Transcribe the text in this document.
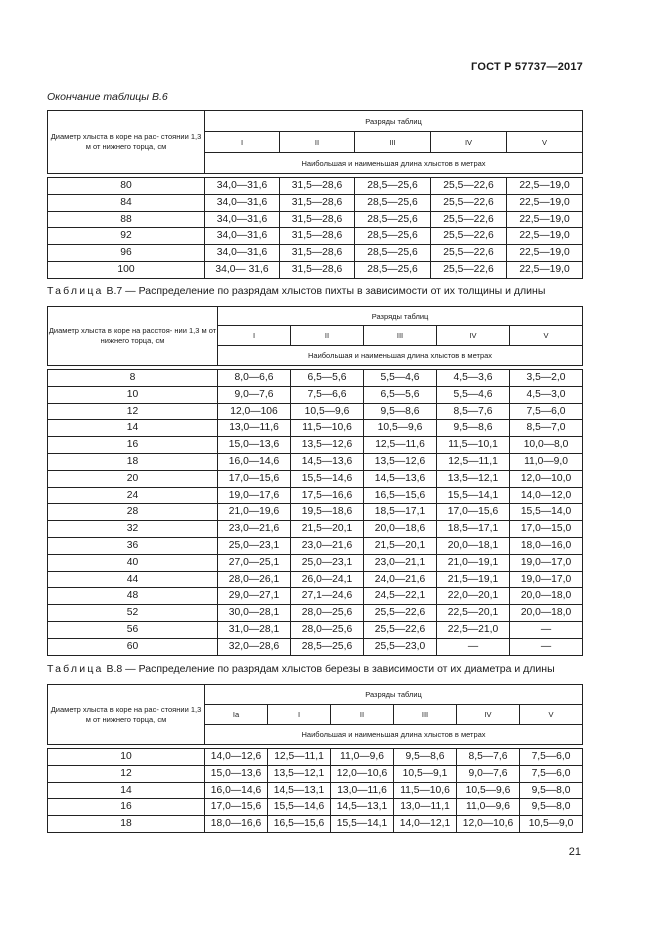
ГОСТ Р 57737—2017
Окончание таблицы В.6
Диаметр хлыста в коре на рас- стоянии 1,3 м от нижнего торца, см	Разряды таблиц				
	I	II	III	IV	V
	Наибольшая и наименьшая длина хлыстов в метрах				

80	34,0—31,6	31,5—28,6	28,5—25,6	25,5—22,6	22,5—19,0
84	34,0—31,6	31,5—28,6	28,5—25,6	25,5—22,6	22,5—19,0
88	34,0—31,6	31,5—28,6	28,5—25,6	25,5—22,6	22,5—19,0
92	34,0—31,6	31,5—28,6	28,5—25,6	25,5—22,6	22,5—19,0
96	34,0—31,6	31,5—28,6	28,5—25,6	25,5—22,6	22,5—19,0
100	34,0— 31,6	31,5—28,6	28,5—25,6	25,5—22,6	22,5—19,0
Таблица В.7 — Распределение по разрядам хлыстов пихты в зависимости от их толщины и длины
Диаметр хлыста в коре на расстоя- нии 1,3 м от нижнего торца, см	Разряды таблиц				
	I	II	III	IV	V
	Наибольшая и наименьшая длина хлыстов в метрах				

8	8,0—6,6	6,5—5,6	5,5—4,6	4,5—3,6	3,5—2,0
10	9,0—7,6	7,5—6,6	6,5—5,6	5,5—4,6	4,5—3,0
12	12,0—106	10,5—9,6	9,5—8,6	8,5—7,6	7,5—6,0
14	13,0—11,6	11,5—10,6	10,5—9,6	9,5—8,6	8,5—7,0
16	15,0—13,6	13,5—12,6	12,5—11,6	11,5—10,1	10,0—8,0
18	16,0—14,6	14,5—13,6	13,5—12,6	12,5—11,1	11,0—9,0
20	17,0—15,6	15,5—14,6	14,5—13,6	13,5—12,1	12,0—10,0
24	19,0—17,6	17,5—16,6	16,5—15,6	15,5—14,1	14,0—12,0
28	21,0—19,6	19,5—18,6	18,5—17,1	17,0—15,6	15,5—14,0
32	23,0—21,6	21,5—20,1	20,0—18,6	18,5—17,1	17,0—15,0
36	25,0—23,1	23,0—21,6	21,5—20,1	20,0—18,1	18,0—16,0
40	27,0—25,1	25,0—23,1	23,0—21,1	21,0—19,1	19,0—17,0
44	28,0—26,1	26,0—24,1	24,0—21,6	21,5—19,1	19,0—17,0
48	29,0—27,1	27,1—24,6	24,5—22,1	22,0—20,1	20,0—18,0
52	30,0—28,1	28,0—25,6	25,5—22,6	22,5—20,1	20,0—18,0
56	31,0—28,1	28,0—25,6	25,5—22,6	22,5—21,0	—
60	32,0—28,6	28,5—25,6	25,5—23,0	—	—
Таблица В.8 — Распределение по разрядам хлыстов березы в зависимости от их диаметра и длины
Диаметр хлыста в коре на рас- стоянии 1,3 м от нижнего торца, см	Разряды таблиц					
	Ia	I	II	III	IV	V
	Наибольшая и наименьшая длина хлыстов в метрах					

10	14,0—12,6	12,5—11,1	11,0—9,6	9,5—8,6	8,5—7,6	7,5—6,0
12	15,0—13,6	13,5—12,1	12,0—10,6	10,5—9,1	9,0—7,6	7,5—6,0
14	16,0—14,6	14,5—13,1	13,0—11,6	11,5—10,6	10,5—9,6	9,5—8,0
16	17,0—15,6	15,5—14,6	14,5—13,1	13,0—11,1	11,0—9,6	9,5—8,0
18	18,0—16,6	16,5—15,6	15,5—14,1	14,0—12,1	12,0—10,6	10,5—9,0
21
